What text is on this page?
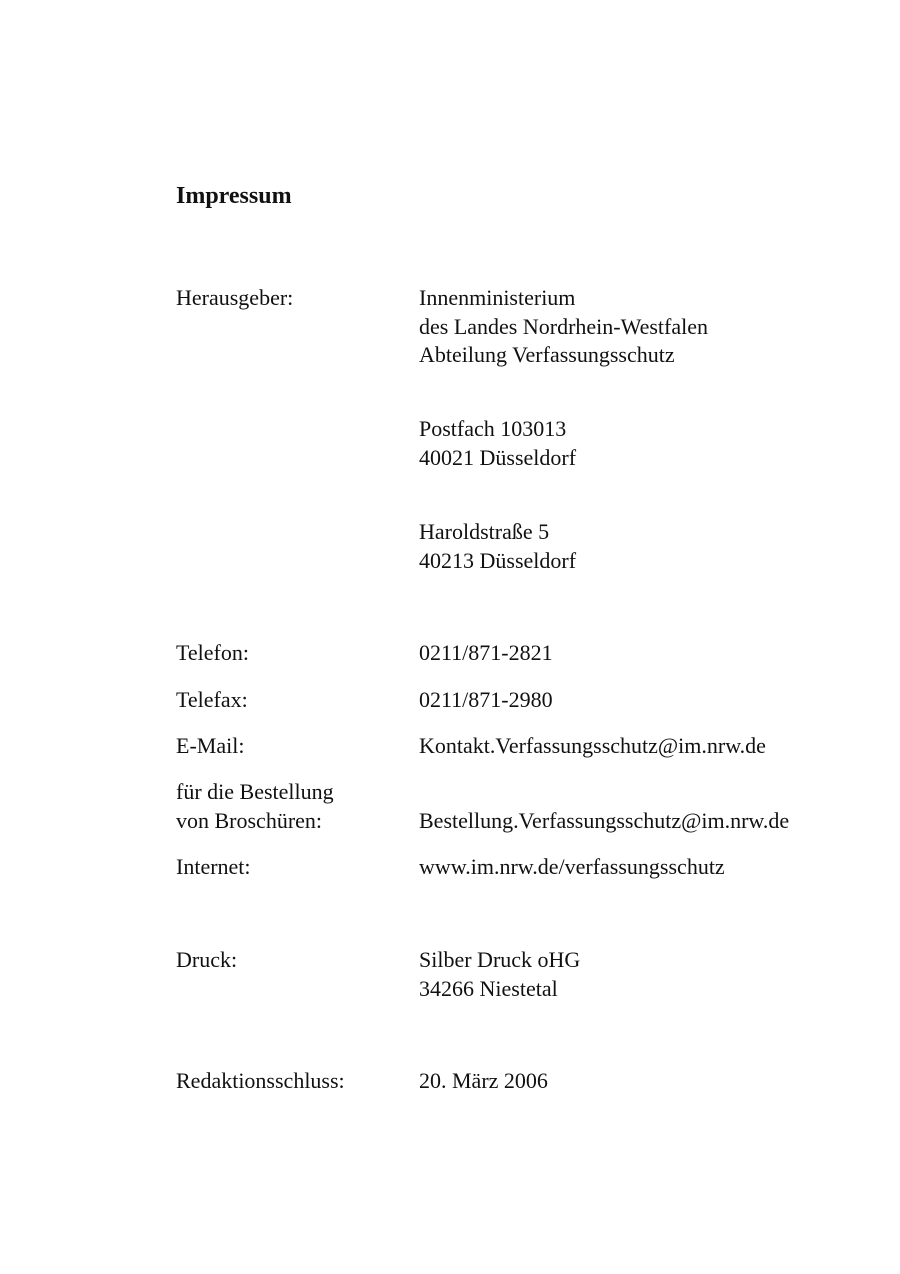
Impressum
Herausgeber:	Innenministerium
des Landes Nordrhein-Westfalen
Abteilung Verfassungsschutz
Postfach 103013
40021 Düsseldorf
Haroldstraße 5
40213 Düsseldorf
Telefon:	0211/871-2821
Telefax:	0211/871-2980
E-Mail:	Kontakt.Verfassungsschutz@im.nrw.de
für die Bestellung
von Broschüren:	Bestellung.Verfassungsschutz@im.nrw.de
Internet:	www.im.nrw.de/verfassungsschutz
Druck:	Silber Druck oHG
34266 Niestetal
Redaktionsschluss:	20. März 2006
